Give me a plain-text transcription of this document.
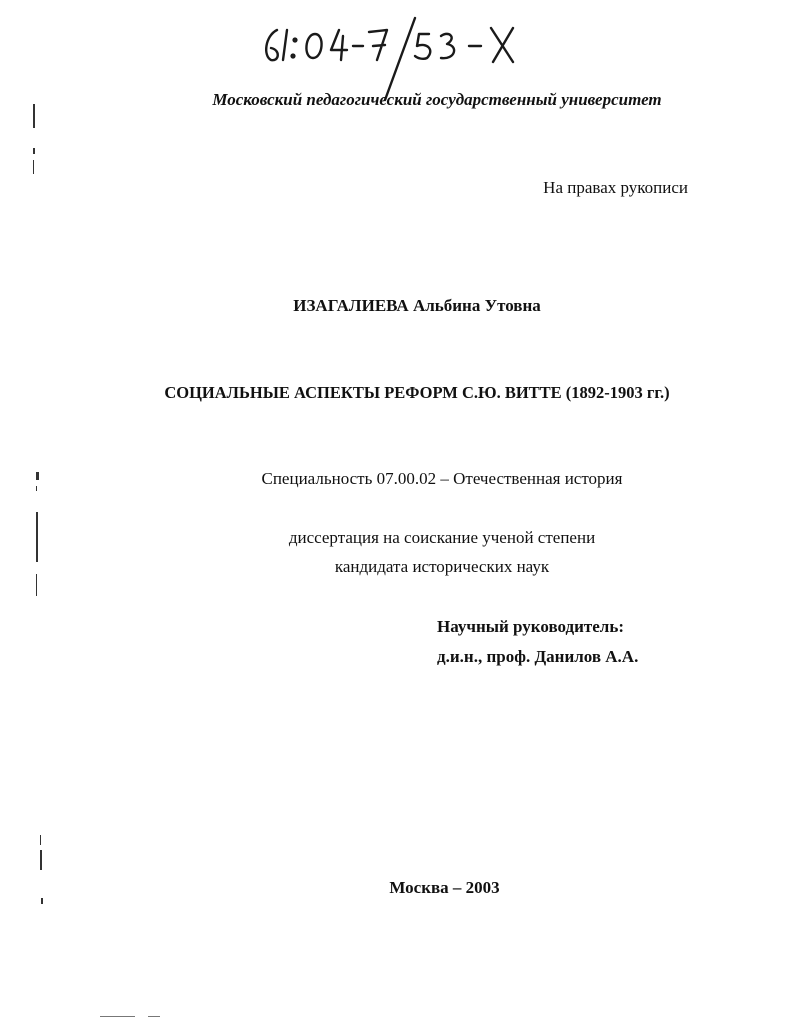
Московский педагогический государственный университет
На правах рукописи
ИЗАГАЛИЕВА Альбина Утовна
СОЦИАЛЬНЫЕ АСПЕКТЫ РЕФОРМ С.Ю. ВИТТЕ (1892-1903 гг.)
Специальность 07.00.02 – Отечественная история
диссертация на соискание ученой степени
кандидата исторических наук
Научный руководитель:
д.и.н., проф. Данилов А.А.
Москва – 2003
